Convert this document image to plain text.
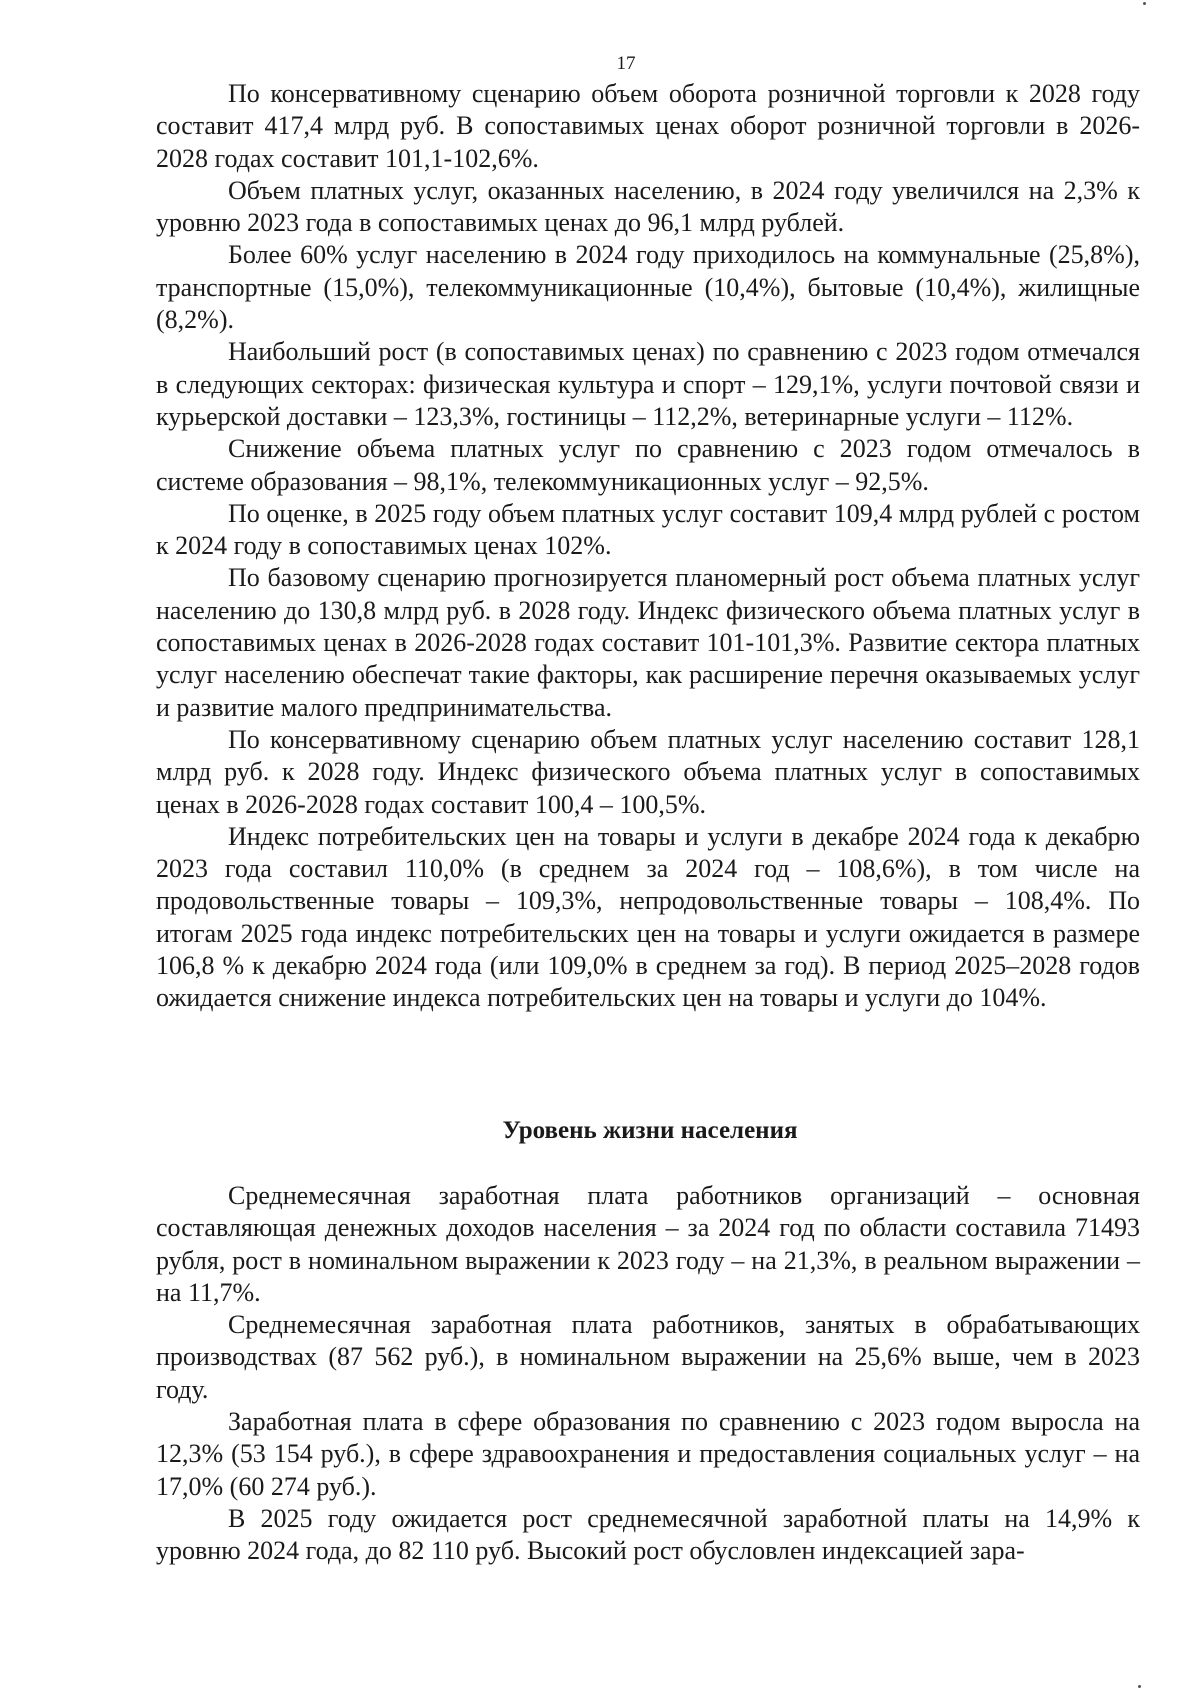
17

По консервативному сценарию объем оборота розничной торговли к 2028 году составит 417,4 млрд руб. В сопоставимых ценах оборот розничной торговли в 2026-2028 годах составит 101,1-102,6%.

Объем платных услуг, оказанных населению, в 2024 году увеличился на 2,3% к уровню 2023 года в сопоставимых ценах до 96,1 млрд рублей.

Более 60% услуг населению в 2024 году приходилось на коммунальные (25,8%), транспортные (15,0%), телекоммуникационные (10,4%), бытовые (10,4%), жилищные (8,2%).

Наибольший рост (в сопоставимых ценах) по сравнению с 2023 годом отмечался в следующих секторах: физическая культура и спорт – 129,1%, услуги почтовой связи и курьерской доставки – 123,3%, гостиницы – 112,2%, ветеринарные услуги – 112%.

Снижение объема платных услуг по сравнению с 2023 годом отмечалось в системе образования – 98,1%, телекоммуникационных услуг – 92,5%.

По оценке, в 2025 году объем платных услуг составит 109,4 млрд рублей с ростом к 2024 году в сопоставимых ценах 102%.

По базовому сценарию прогнозируется планомерный рост объема платных услуг населению до 130,8 млрд руб. в 2028 году. Индекс физического объема платных услуг в сопоставимых ценах в 2026-2028 годах составит 101-101,3%. Развитие сектора платных услуг населению обеспечат такие факторы, как расширение перечня оказываемых услуг и развитие малого предпринимательства.

По консервативному сценарию объем платных услуг населению составит 128,1 млрд руб. к 2028 году. Индекс физического объема платных услуг в сопоставимых ценах в 2026-2028 годах составит 100,4 – 100,5%.

Индекс потребительских цен на товары и услуги в декабре 2024 года к декабрю 2023 года составил 110,0% (в среднем за 2024 год – 108,6%), в том числе на продовольственные товары – 109,3%, непродовольственные товары – 108,4%. По итогам 2025 года индекс потребительских цен на товары и услуги ожидается в размере 106,8 % к декабрю 2024 года (или 109,0% в среднем за год). В период 2025–2028 годов ожидается снижение индекса потребительских цен на товары и услуги до 104%.

Уровень жизни населения

Среднемесячная заработная плата работников организаций – основная составляющая денежных доходов населения – за 2024 год по области составила 71493 рубля, рост в номинальном выражении к 2023 году – на 21,3%, в реальном выражении – на 11,7%.

Среднемесячная заработная плата работников, занятых в обрабатывающих производствах (87 562 руб.), в номинальном выражении на 25,6% выше, чем в 2023 году.

Заработная плата в сфере образования по сравнению с 2023 годом выросла на 12,3% (53 154 руб.), в сфере здравоохранения и предоставления социальных услуг – на 17,0% (60 274 руб.).

В 2025 году ожидается рост среднемесячной заработной платы на 14,9% к уровню 2024 года, до 82 110 руб. Высокий рост обусловлен индексацией зара-
